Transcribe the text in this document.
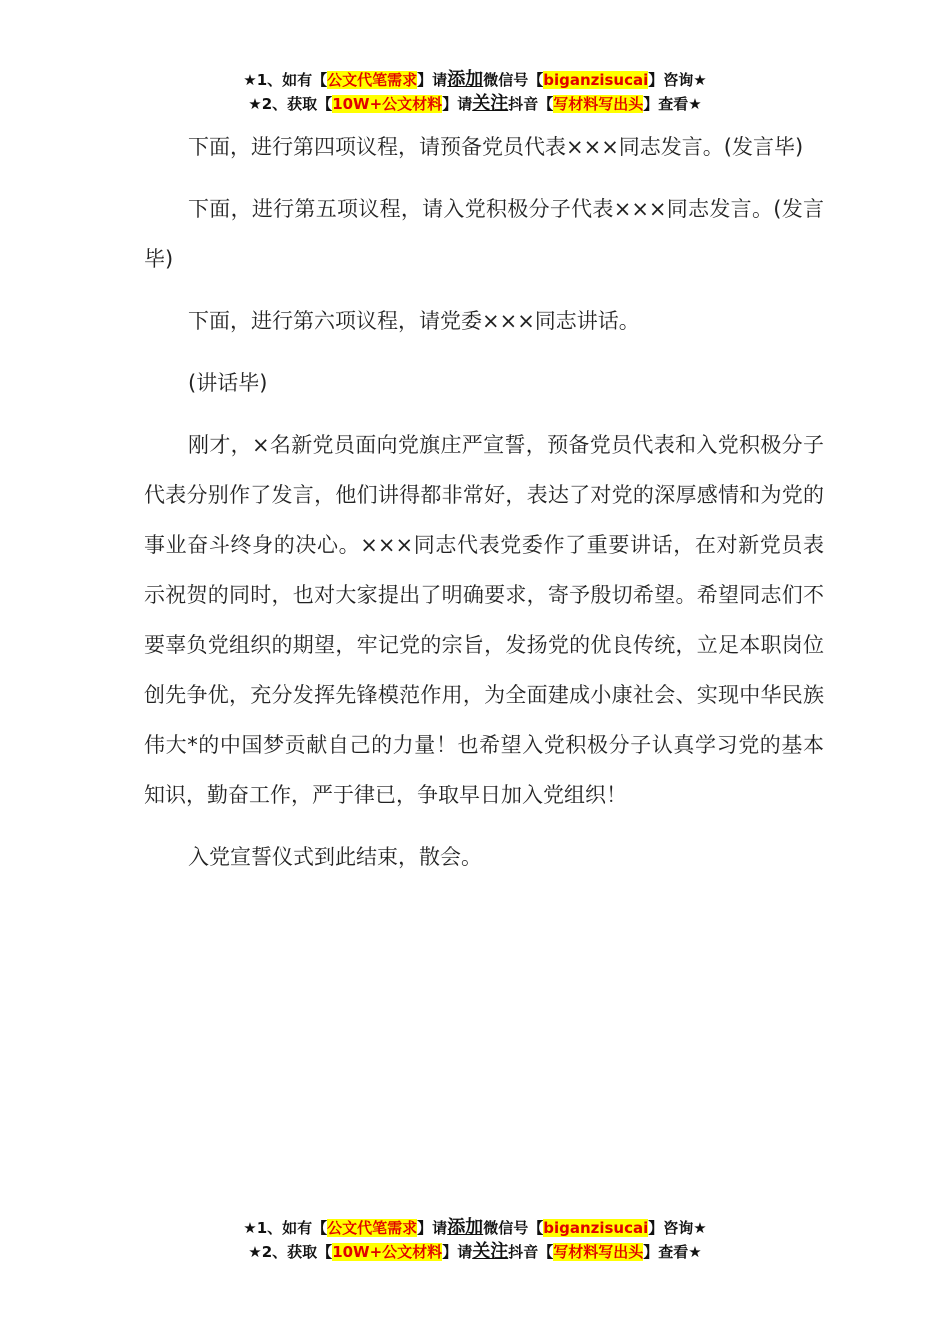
★1、如有【公文代笔需求】请添加微信号【biganzisucai】咨询★
★2、获取【10W+公文材料】请关注抖音【写材料写出头】查看★

下面，进行第四项议程，请预备党员代表×××同志发言。(发言毕)

下面，进行第五项议程，请入党积极分子代表×××同志发言。(发言毕)

下面，进行第六项议程，请党委×××同志讲话。

(讲话毕)

刚才，×名新党员面向党旗庄严宣誓，预备党员代表和入党积极分子代表分别作了发言，他们讲得都非常好，表达了对党的深厚感情和为党的事业奋斗终身的决心。×××同志代表党委作了重要讲话，在对新党员表示祝贺的同时，也对大家提出了明确要求，寄予殷切希望。希望同志们不要辜负党组织的期望，牢记党的宗旨，发扬党的优良传统，立足本职岗位创先争优，充分发挥先锋模范作用，为全面建成小康社会、实现中华民族伟大*的中国梦贡献自己的力量！也希望入党积极分子认真学习党的基本知识，勤奋工作，严于律已，争取早日加入党组织！

入党宣誓仪式到此结束，散会。

★1、如有【公文代笔需求】请添加微信号【biganzisucai】咨询★
★2、获取【10W+公文材料】请关注抖音【写材料写出头】查看★
